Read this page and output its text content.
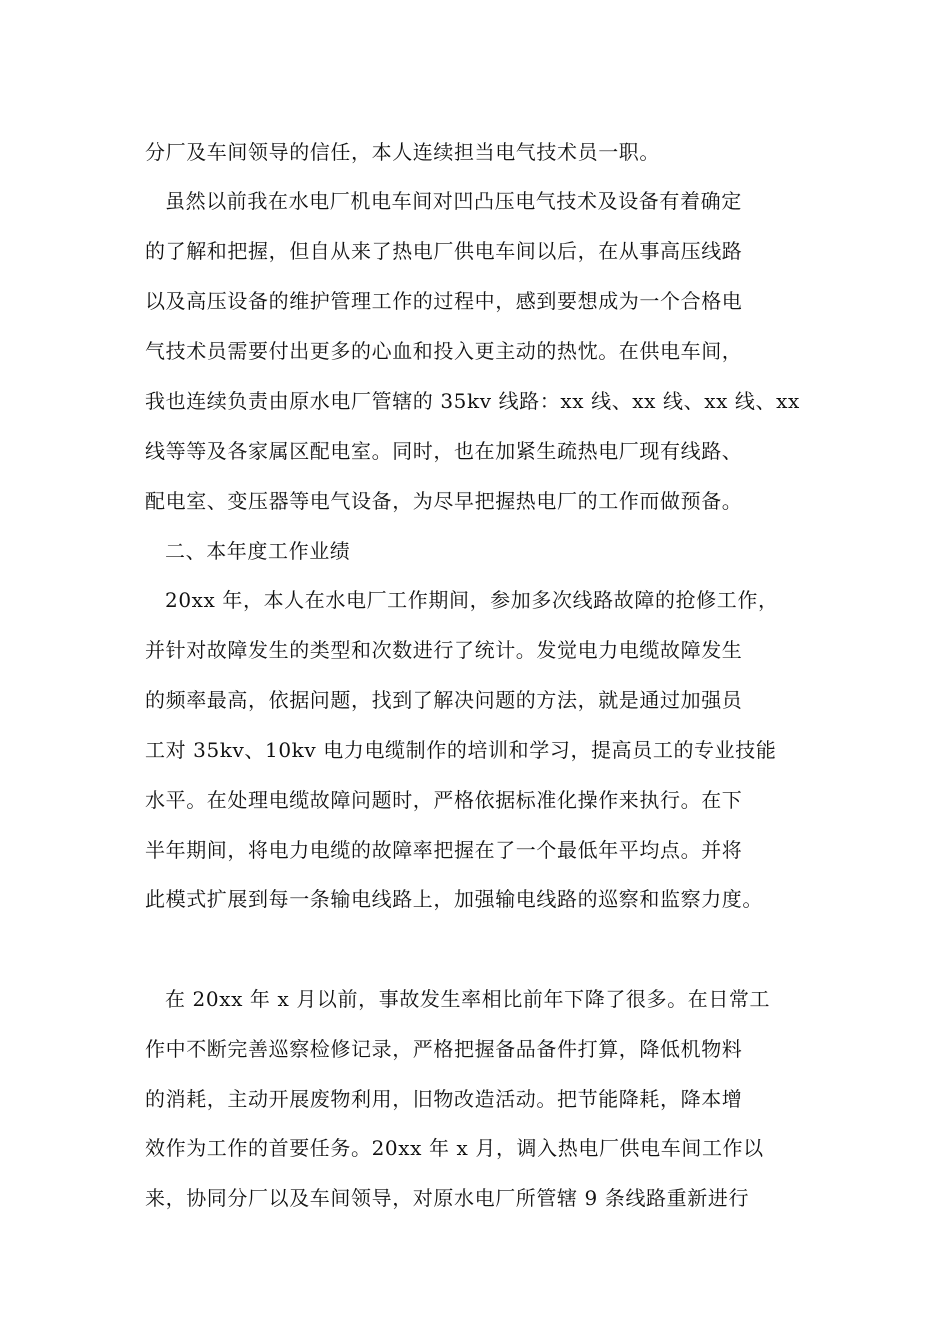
分厂及车间领导的信任，本人连续担当电气技术员一职。
虽然以前我在水电厂机电车间对凹凸压电气技术及设备有着确定
的了解和把握，但自从来了热电厂供电车间以后，在从事高压线路
以及高压设备的维护管理工作的过程中，感到要想成为一个合格电
气技术员需要付出更多的心血和投入更主动的热忱。在供电车间，
我也连续负责由原水电厂管辖的 35kv 线路：xx 线、xx 线、xx 线、xx
线等等及各家属区配电室。同时，也在加紧生疏热电厂现有线路、
配电室、变压器等电气设备，为尽早把握热电厂的工作而做预备。
二、本年度工作业绩
20xx 年，本人在水电厂工作期间，参加多次线路故障的抢修工作，
并针对故障发生的类型和次数进行了统计。发觉电力电缆故障发生
的频率最高，依据问题，找到了解决问题的方法，就是通过加强员
工对 35kv、10kv 电力电缆制作的培训和学习，提高员工的专业技能
水平。在处理电缆故障问题时，严格依据标准化操作来执行。在下
半年期间，将电力电缆的故障率把握在了一个最低年平均点。并将
此模式扩展到每一条输电线路上，加强输电线路的巡察和监察力度。
在 20xx 年 x 月以前，事故发生率相比前年下降了很多。在日常工
作中不断完善巡察检修记录，严格把握备品备件打算，降低机物料
的消耗，主动开展废物利用，旧物改造活动。把节能降耗，降本增
效作为工作的首要任务。20xx 年 x 月，调入热电厂供电车间工作以
来，协同分厂以及车间领导，对原水电厂所管辖 9 条线路重新进行
